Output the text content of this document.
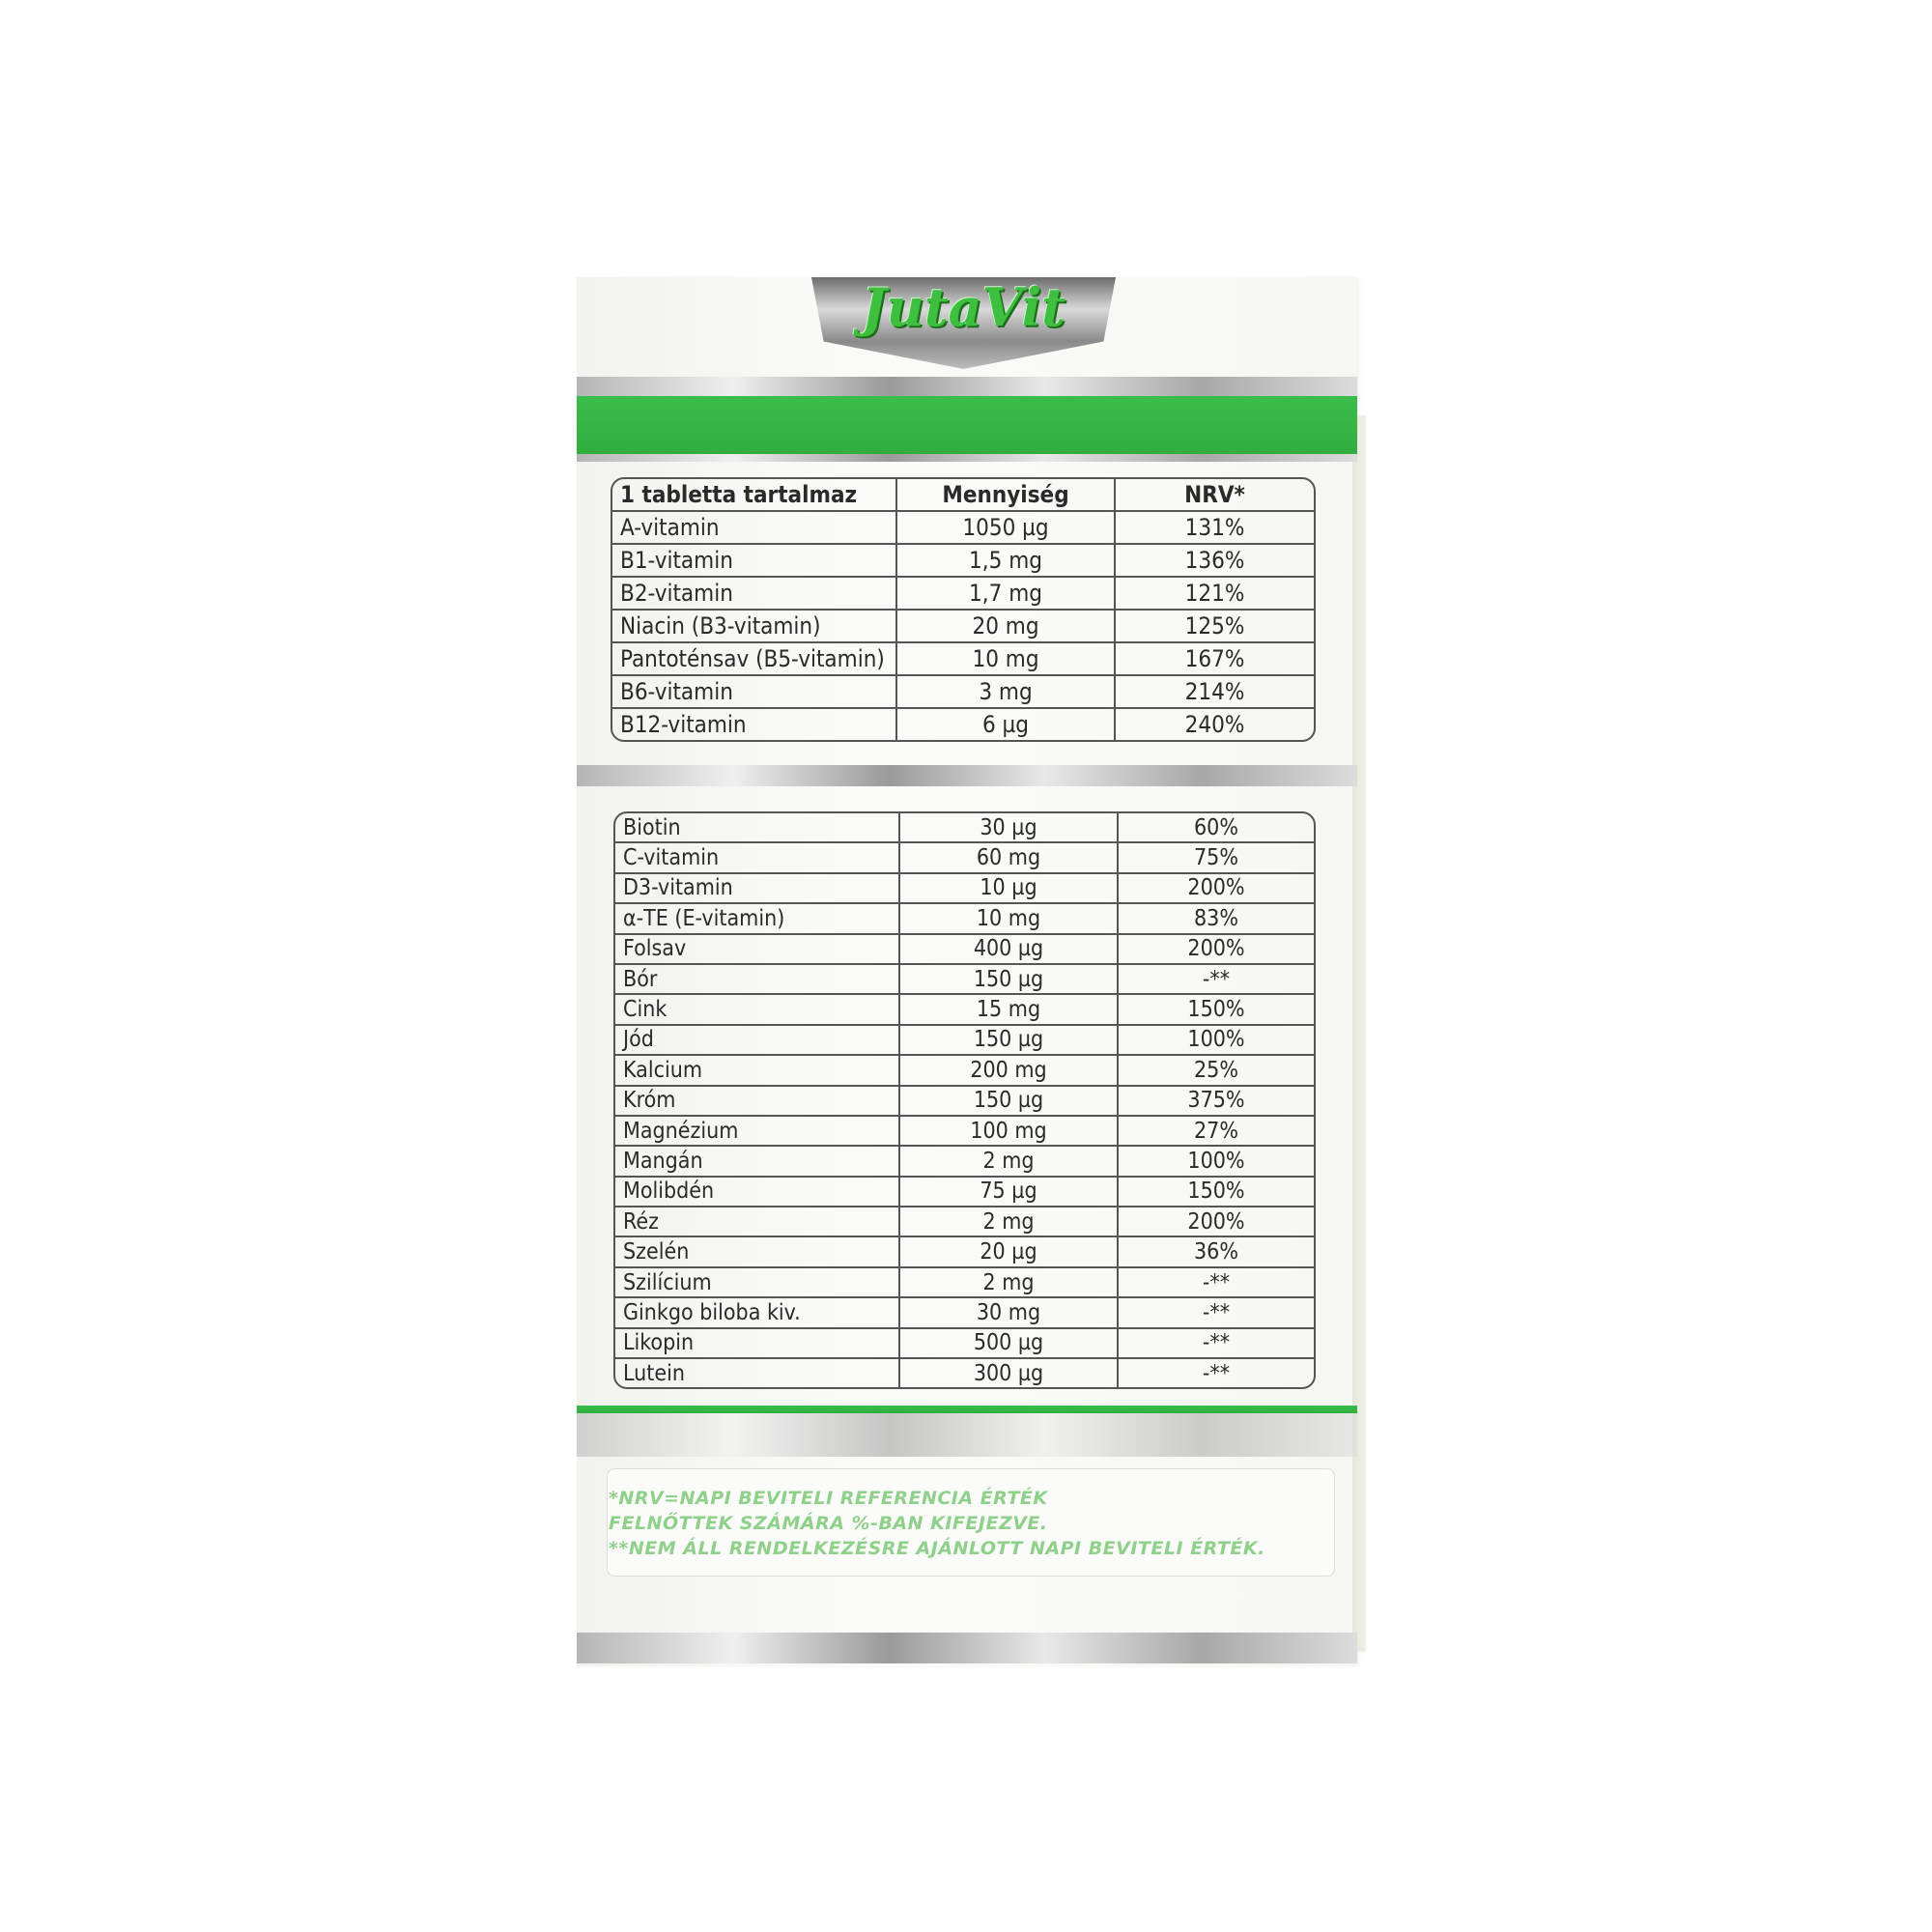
JutaVit
1 tabletta tartalmaz	Mennyiség	NRV*
A-vitamin	1050 µg	131%
B1-vitamin	1,5 mg	136%
B2-vitamin	1,7 mg	121%
Niacin (B3-vitamin)	20 mg	125%
Pantoténsav (B5-vitamin)	10 mg	167%
B6-vitamin	3 mg	214%
B12-vitamin	6 µg	240%
Biotin	30 µg	60%
C-vitamin	60 mg	75%
D3-vitamin	10 µg	200%
α-TE (E-vitamin)	10 mg	83%
Folsav	400 µg	200%
Bór	150 µg	-**
Cink	15 mg	150%
Jód	150 µg	100%
Kalcium	200 mg	25%
Króm	150 µg	375%
Magnézium	100 mg	27%
Mangán	2 mg	100%
Molibdén	75 µg	150%
Réz	2 mg	200%
Szelén	20 µg	36%
Szilícium	2 mg	-**
Ginkgo biloba kiv.	30 mg	-**
Likopin	500 µg	-**
Lutein	300 µg	-**
*NRV=NAPI BEVITELI REFERENCIA ÉRTÉK
FELNŐTTEK SZÁMÁRA %-BAN KIFEJEZVE.
**NEM ÁLL RENDELKEZÉSRE AJÁNLOTT NAPI BEVITELI ÉRTÉK.
